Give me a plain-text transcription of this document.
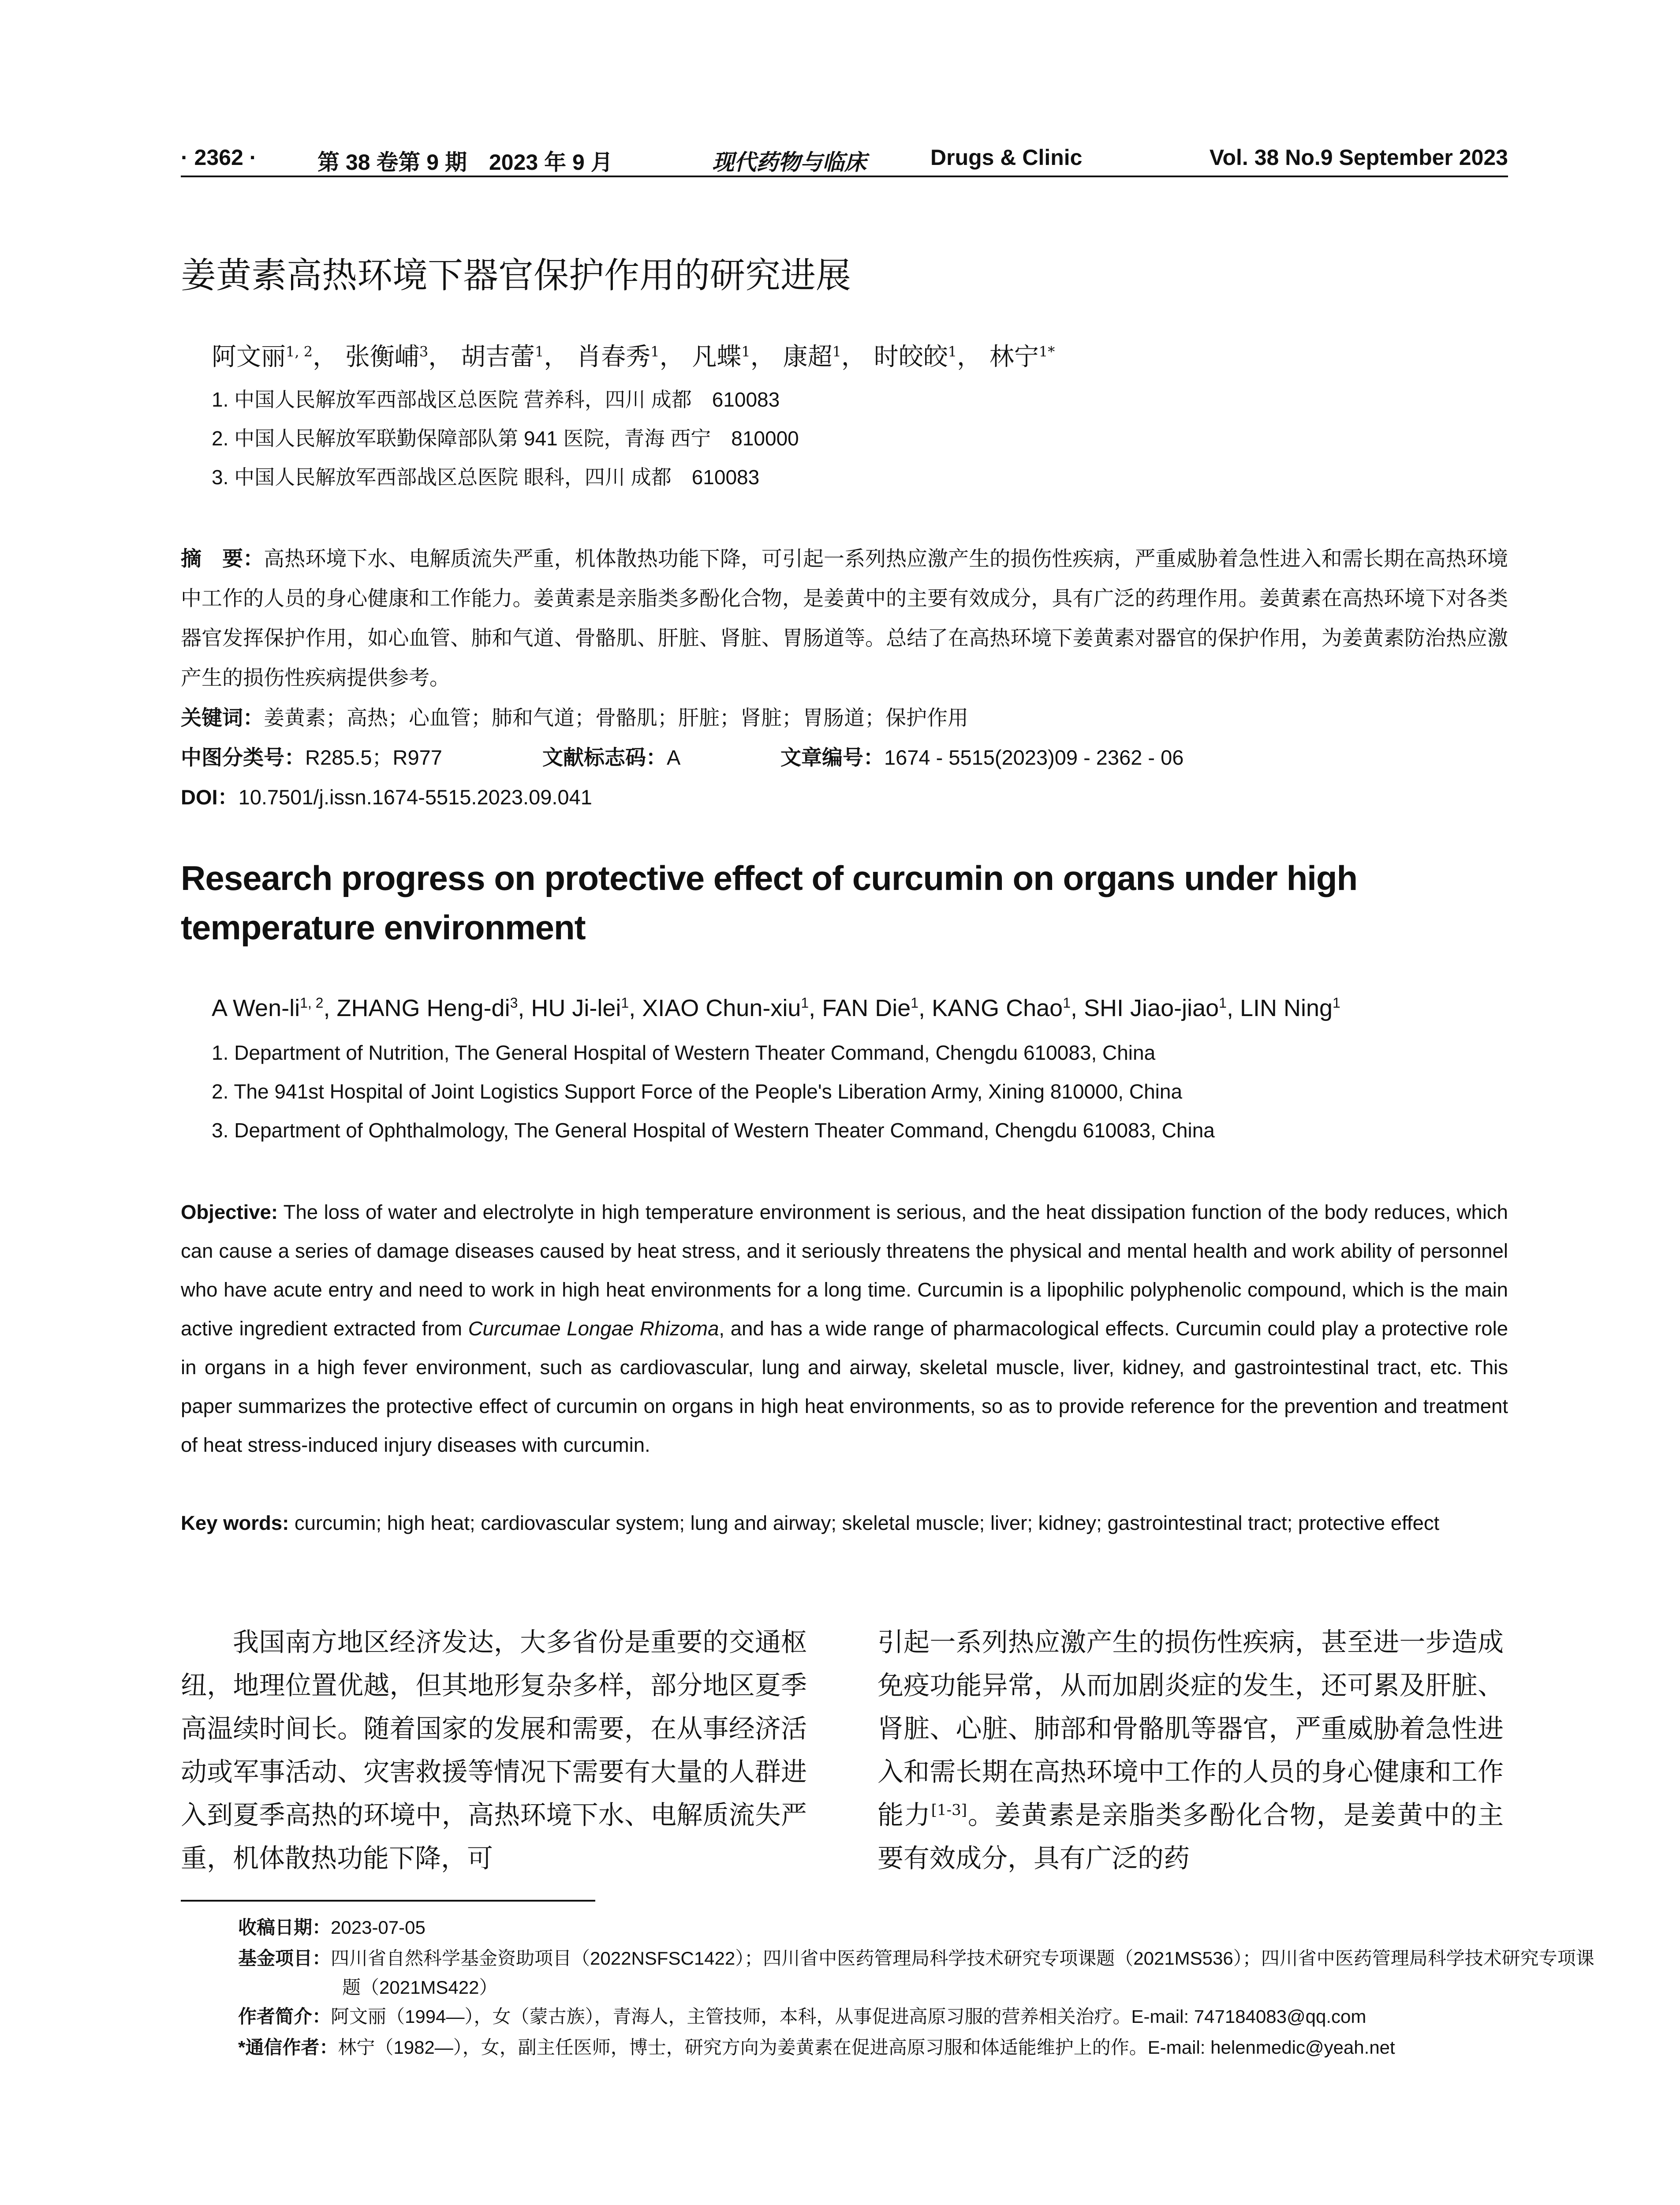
· 2362 ·	第 38 卷第 9 期　2023 年 9 月	现代药物与临床	Drugs & Clinic	Vol. 38 No.9 September 2023
姜黄素高热环境下器官保护作用的研究进展
阿文丽$^{1, 2}$， 张衡峬$^3$， 胡吉蕾$^1$， 肖春秀$^1$， 凡蝶$^1$， 康超$^1$， 时皎皎$^1$， 林宁$^{1*}$
1. 中国人民解放军西部战区总医院 营养科，四川 成都　610083
2. 中国人民解放军联勤保障部队第 941 医院，青海 西宁　810000
3. 中国人民解放军西部战区总医院 眼科，四川 成都　610083
摘　要：高热环境下水、电解质流失严重，机体散热功能下降，可引起一系列热应激产生的损伤性疾病，严重威胁着急性进入和需长期在高热环境中工作的人员的身心健康和工作能力。姜黄素是亲脂类多酚化合物，是姜黄中的主要有效成分，具有广泛的药理作用。姜黄素在高热环境下对各类器官发挥保护作用，如心血管、肺和气道、骨骼肌、肝脏、肾脏、胃肠道等。总结了在高热环境下姜黄素对器官的保护作用，为姜黄素防治热应激产生的损伤性疾病提供参考。
关键词：姜黄素；高热；心血管；肺和气道；骨骼肌；肝脏；肾脏；胃肠道；保护作用
中图分类号：R285.5；R977	文献标志码：A	文章编号：1674 - 5515(2023)09 - 2362 - 06
DOI：10.7501/j.issn.1674-5515.2023.09.041
Research progress on protective effect of curcumin on organs under high temperature environment
A Wen-li$^{1, 2}$, ZHANG Heng-$di^3$, HU Ji-lei$^1$, XIAO Chun-xiu$^1$, FAN Die$^1$, KANG Chao$^1$, SHI Jiao-jiao$^1$, LIN Ning$^1$
1. Department of Nutrition, The General Hospital of Western Theater Command, Chengdu 610083, China
2. The 941st Hospital of Joint Logistics Support Force of the People's Liberation Army, Xining 810000, China
3. Department of Ophthalmology, The General Hospital of Western Theater Command, Chengdu 610083, China
Objective: The loss of water and electrolyte in high temperature environment is serious, and the heat dissipation function of the body reduces, which can cause a series of damage diseases caused by heat stress, and it seriously threatens the physical and mental health and work ability of personnel who have acute entry and need to work in high heat environments for a long time. Curcumin is a lipophilic polyphenolic compound, which is the main active ingredient extracted from Curcumae Longae Rhizoma, and has a wide range of pharmacological effects. Curcumin could play a protective role in organs in a high fever environment, such as cardiovascular, lung and airway, skeletal muscle, liver, kidney, and gastrointestinal tract, etc. This paper summarizes the protective effect of curcumin on organs in high heat environments, so as to provide reference for the prevention and treatment of heat stress-induced injury diseases with curcumin.
Key words: curcumin; high heat; cardiovascular system; lung and airway; skeletal muscle; liver; kidney; gastrointestinal tract; protective effect
我国南方地区经济发达，大多省份是重要的交通枢纽，地理位置优越，但其地形复杂多样，部分地区夏季高温续时间长。随着国家的发展和需要，在从事经济活动或军事活动、灾害救援等情况下需要有大量的人群进入到夏季高热的环境中，高热环境下水、电解质流失严重，机体散热功能下降，可
引起一系列热应激产生的损伤性疾病，甚至进一步造成免疫功能异常，从而加剧炎症的发生，还可累及肝脏、肾脏、心脏、肺部和骨骼肌等器官，严重威胁着急性进入和需长期在高热环境中工作的人员的身心健康和工作能力[1-3]。姜黄素是亲脂类多酚化合物，是姜黄中的主要有效成分，具有广泛的药
收稿日期：2023-07-05
基金项目：四川省自然科学基金资助项目（2022NSFSC1422）；四川省中医药管理局科学技术研究专项课题（2021MS536）；四川省中医药管理局科学技术研究专项课题（2021MS422）
作者简介：阿文丽（1994—），女（蒙古族），青海人，主管技师，本科，从事促进高原习服的营养相关治疗。E-mail: 747184083@qq.com
*通信作者：林宁（1982—），女，副主任医师，博士，研究方向为姜黄素在促进高原习服和体适能维护上的作。E-mail: helenmedic@yeah.net
